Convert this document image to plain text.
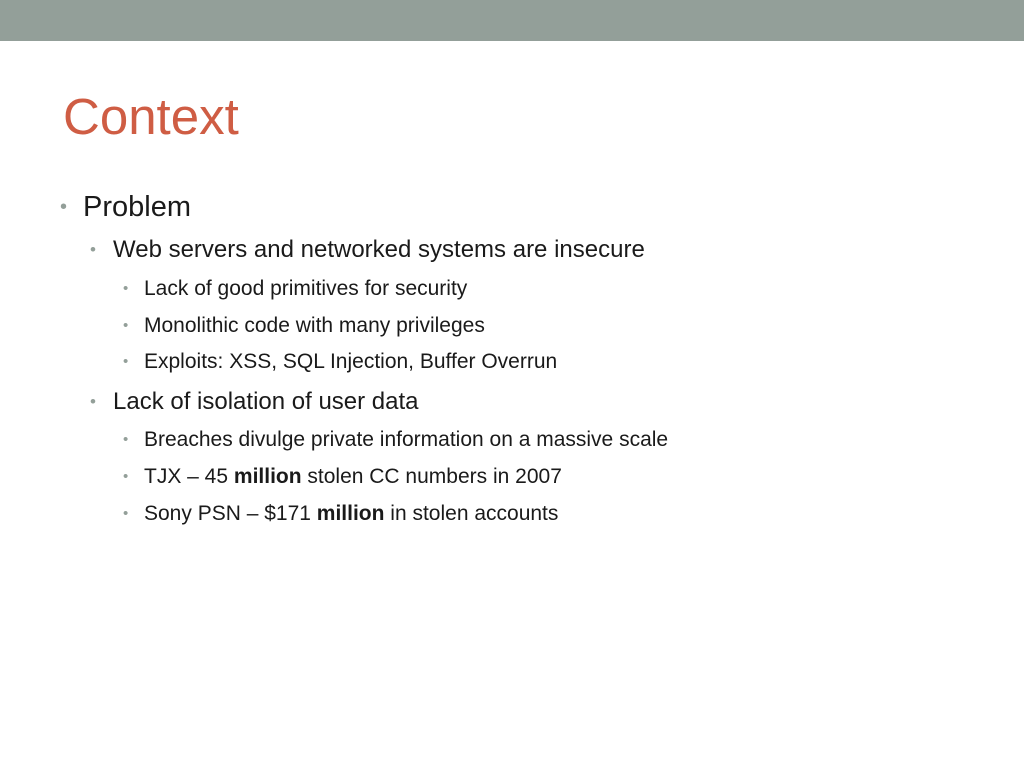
Context
• Problem
• Web servers and networked systems are insecure
• Lack of good primitives for security
• Monolithic code with many privileges
• Exploits: XSS, SQL Injection, Buffer Overrun
• Lack of isolation of user data
• Breaches divulge private information on a massive scale
• TJX – 45 million stolen CC numbers in 2007
• Sony PSN – $171 million in stolen accounts
